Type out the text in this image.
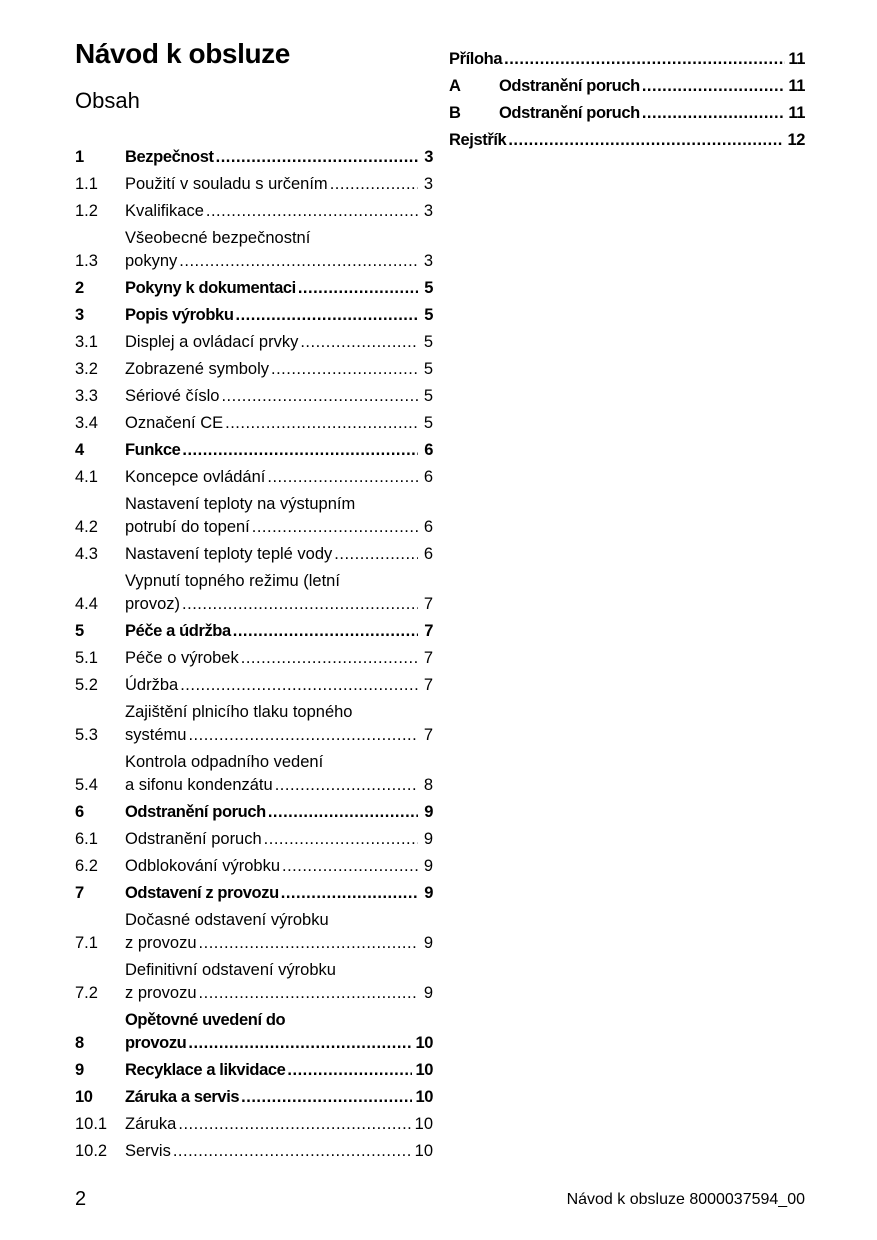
Návod k obsluze
Obsah
1	Bezpečnost .....	3
1.1	Použití v souladu s určením .....	3
1.2	Kvalifikace .....	3
1.3
Všeobecné bezpečnostní
pokyny .....	3
2	Pokyny k dokumentaci .....	5
3	Popis výrobku .....	5
3.1	Displej a ovládací prvky .....	5
3.2	Zobrazené symboly .....	5
3.3	Sériové číslo .....	5
3.4	Označení CE .....	5
4	Funkce .....	6
4.1	Koncepce ovládání .....	6
4.2
Nastavení teploty na výstupním
potrubí do topení .....	6
4.3	Nastavení teploty teplé vody .....	6
4.4
Vypnutí topného režimu (letní
provoz) .....	7
5	Péče a údržba .....	7
5.1	Péče o výrobek .....	7
5.2	Údržba .....	7
5.3
Zajištění plnicího tlaku topného
systému .....	7
5.4
Kontrola odpadního vedení
a sifonu kondenzátu .....	8
6	Odstranění poruch .....	9
6.1	Odstranění poruch .....	9
6.2	Odblokování výrobku .....	9
7	Odstavení z provozu .....	9
7.1
Dočasné odstavení výrobku
z provozu .....	9
7.2
Definitivní odstavení výrobku
z provozu .....	9
8
Opětovné uvedení do
provozu .....	10
9	Recyklace a likvidace .....	10
10	Záruka a servis .....	10
10.1	Záruka .....	10
10.2	Servis .....	10
Příloha .....	11
A	Odstranění poruch .....	11
B	Odstranění poruch .....	11
Rejstřík .....	12
2	Návod k obsluze 8000037594_00
